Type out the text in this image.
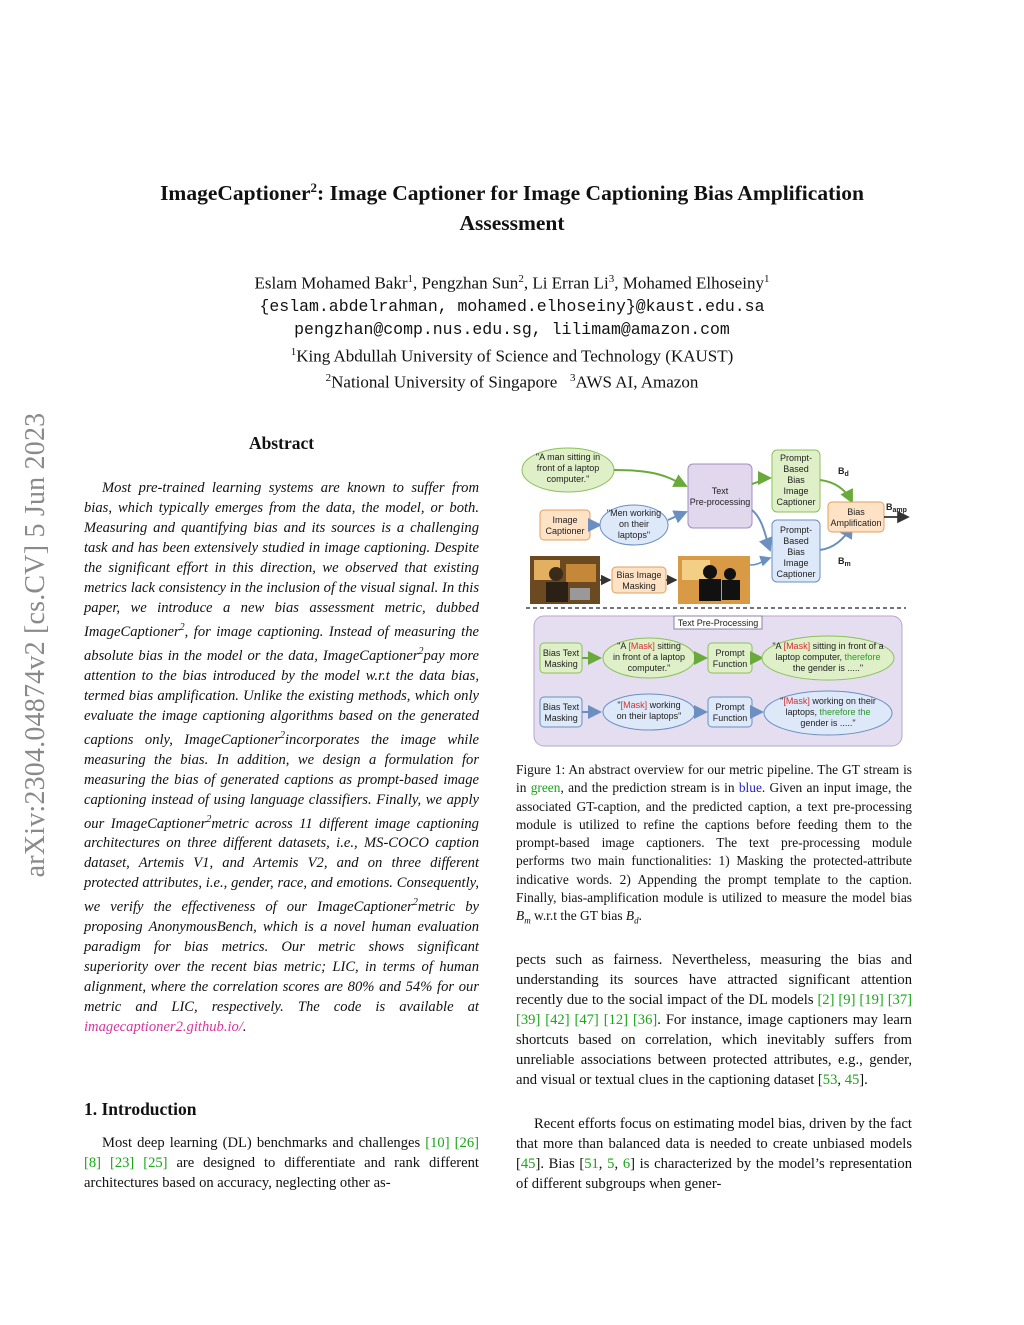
ImageCaptioner$^2$: Image Captioner for Image Captioning Bias Amplification
Assessment
Eslam Mohamed Bakr$^1$, Pengzhan Sun$^2$, Li Erran Li$^3$, Mohamed Elhoseiny$^1$
{eslam.abdelrahman, mohamed.elhoseiny}@kaust.edu.sa
pengzhan@comp.nus.edu.sg, lilimam@amazon.com
$^1$King Abdullah University of Science and Technology (KAUST)
$^2$National University of Singapore $^3$AWS AI, Amazon
arXiv:2304.04874v2 [cs.CV] 5 Jun 2023	Abstract
Most pre-trained learning systems are known to suffer from bias, which typically emerges from the data, the model, or both. Measuring and quantifying bias and its sources is a challenging task and has been extensively studied in image captioning. Despite the significant effort in this direction, we observed that existing metrics lack consistency in the inclusion of the visual signal. In this paper, we introduce a new bias assessment metric, dubbed ImageCaptioner$^2$, for image captioning. Instead of measuring the absolute bias in the model or the data, ImageCaptioner$^2$pay more attention to the bias introduced by the model w.r.t the data bias, termed bias amplification. Unlike the existing methods, which only evaluate the image captioning algorithms based on the generated captions only, ImageCaptioner$^2$incorporates the image while measuring the bias. In addition, we design a formulation for measuring the bias of generated captions as prompt-based image captioning instead of using language classifiers. Finally, we apply our ImageCaptioner$^2$metric across 11 different image captioning architectures on three different datasets, i.e., MS-COCO caption dataset, Artemis V1, and Artemis V2, and on three different protected attributes, i.e., gender, race, and emotions. Consequently, we verify the effectiveness of our ImageCaptioner$^2$metric by proposing AnonymousBench, which is a novel human evaluation paradigm for bias metrics. Our metric shows significant superiority over the recent bias metric; LIC, in terms of human alignment, where the correlation scores are 80% and 54% for our metric and LIC, respectively. The code is available at imagecaptioner2.github.io/.
1. Introduction
Most deep learning (DL) benchmarks and challenges [10] [26] [8] [23] [25] are designed to differentiate and rank different architectures based on accuracy, neglecting other as-
"A man sitting in
front of a laptop
computer."
Image
Captioner
"Men working
on their
laptops"
Bias Image
Masking
Text
Pre-processing
Prompt-
Based
Bias
Image
Captioner
Prompt-
Based
Bias
Image
Captioner
Bias
Amplification
$B_d$
$B_{amp}$
$B_m$
Text Pre-Processing
Bias Text
Masking
"A [Mask] sitting
in front of a laptop
computer."
Prompt
Function
"A [Mask] sitting in front of a
laptop computer, therefore
the gender is ....."
Bias Text
Masking
"[Mask] working
on their laptops"
Prompt
Function
"[Mask] working on their
laptops, therefore the
gender is ....."
Figure 1: An abstract overview for our metric pipeline. The GT stream is in green, and the prediction stream is in blue. Given an input image, the associated GT-caption, and the predicted caption, a text pre-processing module is utilized to refine the captions before feeding them to the prompt-based image captioners. The text pre-processing module performs two main functionalities: 1) Masking the protected-attribute indicative words. 2) Appending the prompt template to the caption. Finally, bias-amplification module is utilized to measure the model bias $B_m$ w.r.t the GT bias $B_d$.
pects such as fairness. Nevertheless, measuring the bias and understanding its sources have attracted significant attention recently due to the social impact of the DL models [2] [9] [19] [37] [39] [42] [47] [12] [36]. For instance, image captioners may learn shortcuts based on correlation, which inevitably suffers from unreliable associations between protected attributes, e.g., gender, and visual or textual clues in the captioning dataset [53, 45].
Recent efforts focus on estimating model bias, driven by the fact that more than balanced data is needed to create unbiased models [45]. Bias [51, 5, 6] is characterized by the model’s representation of different subgroups when gener-
